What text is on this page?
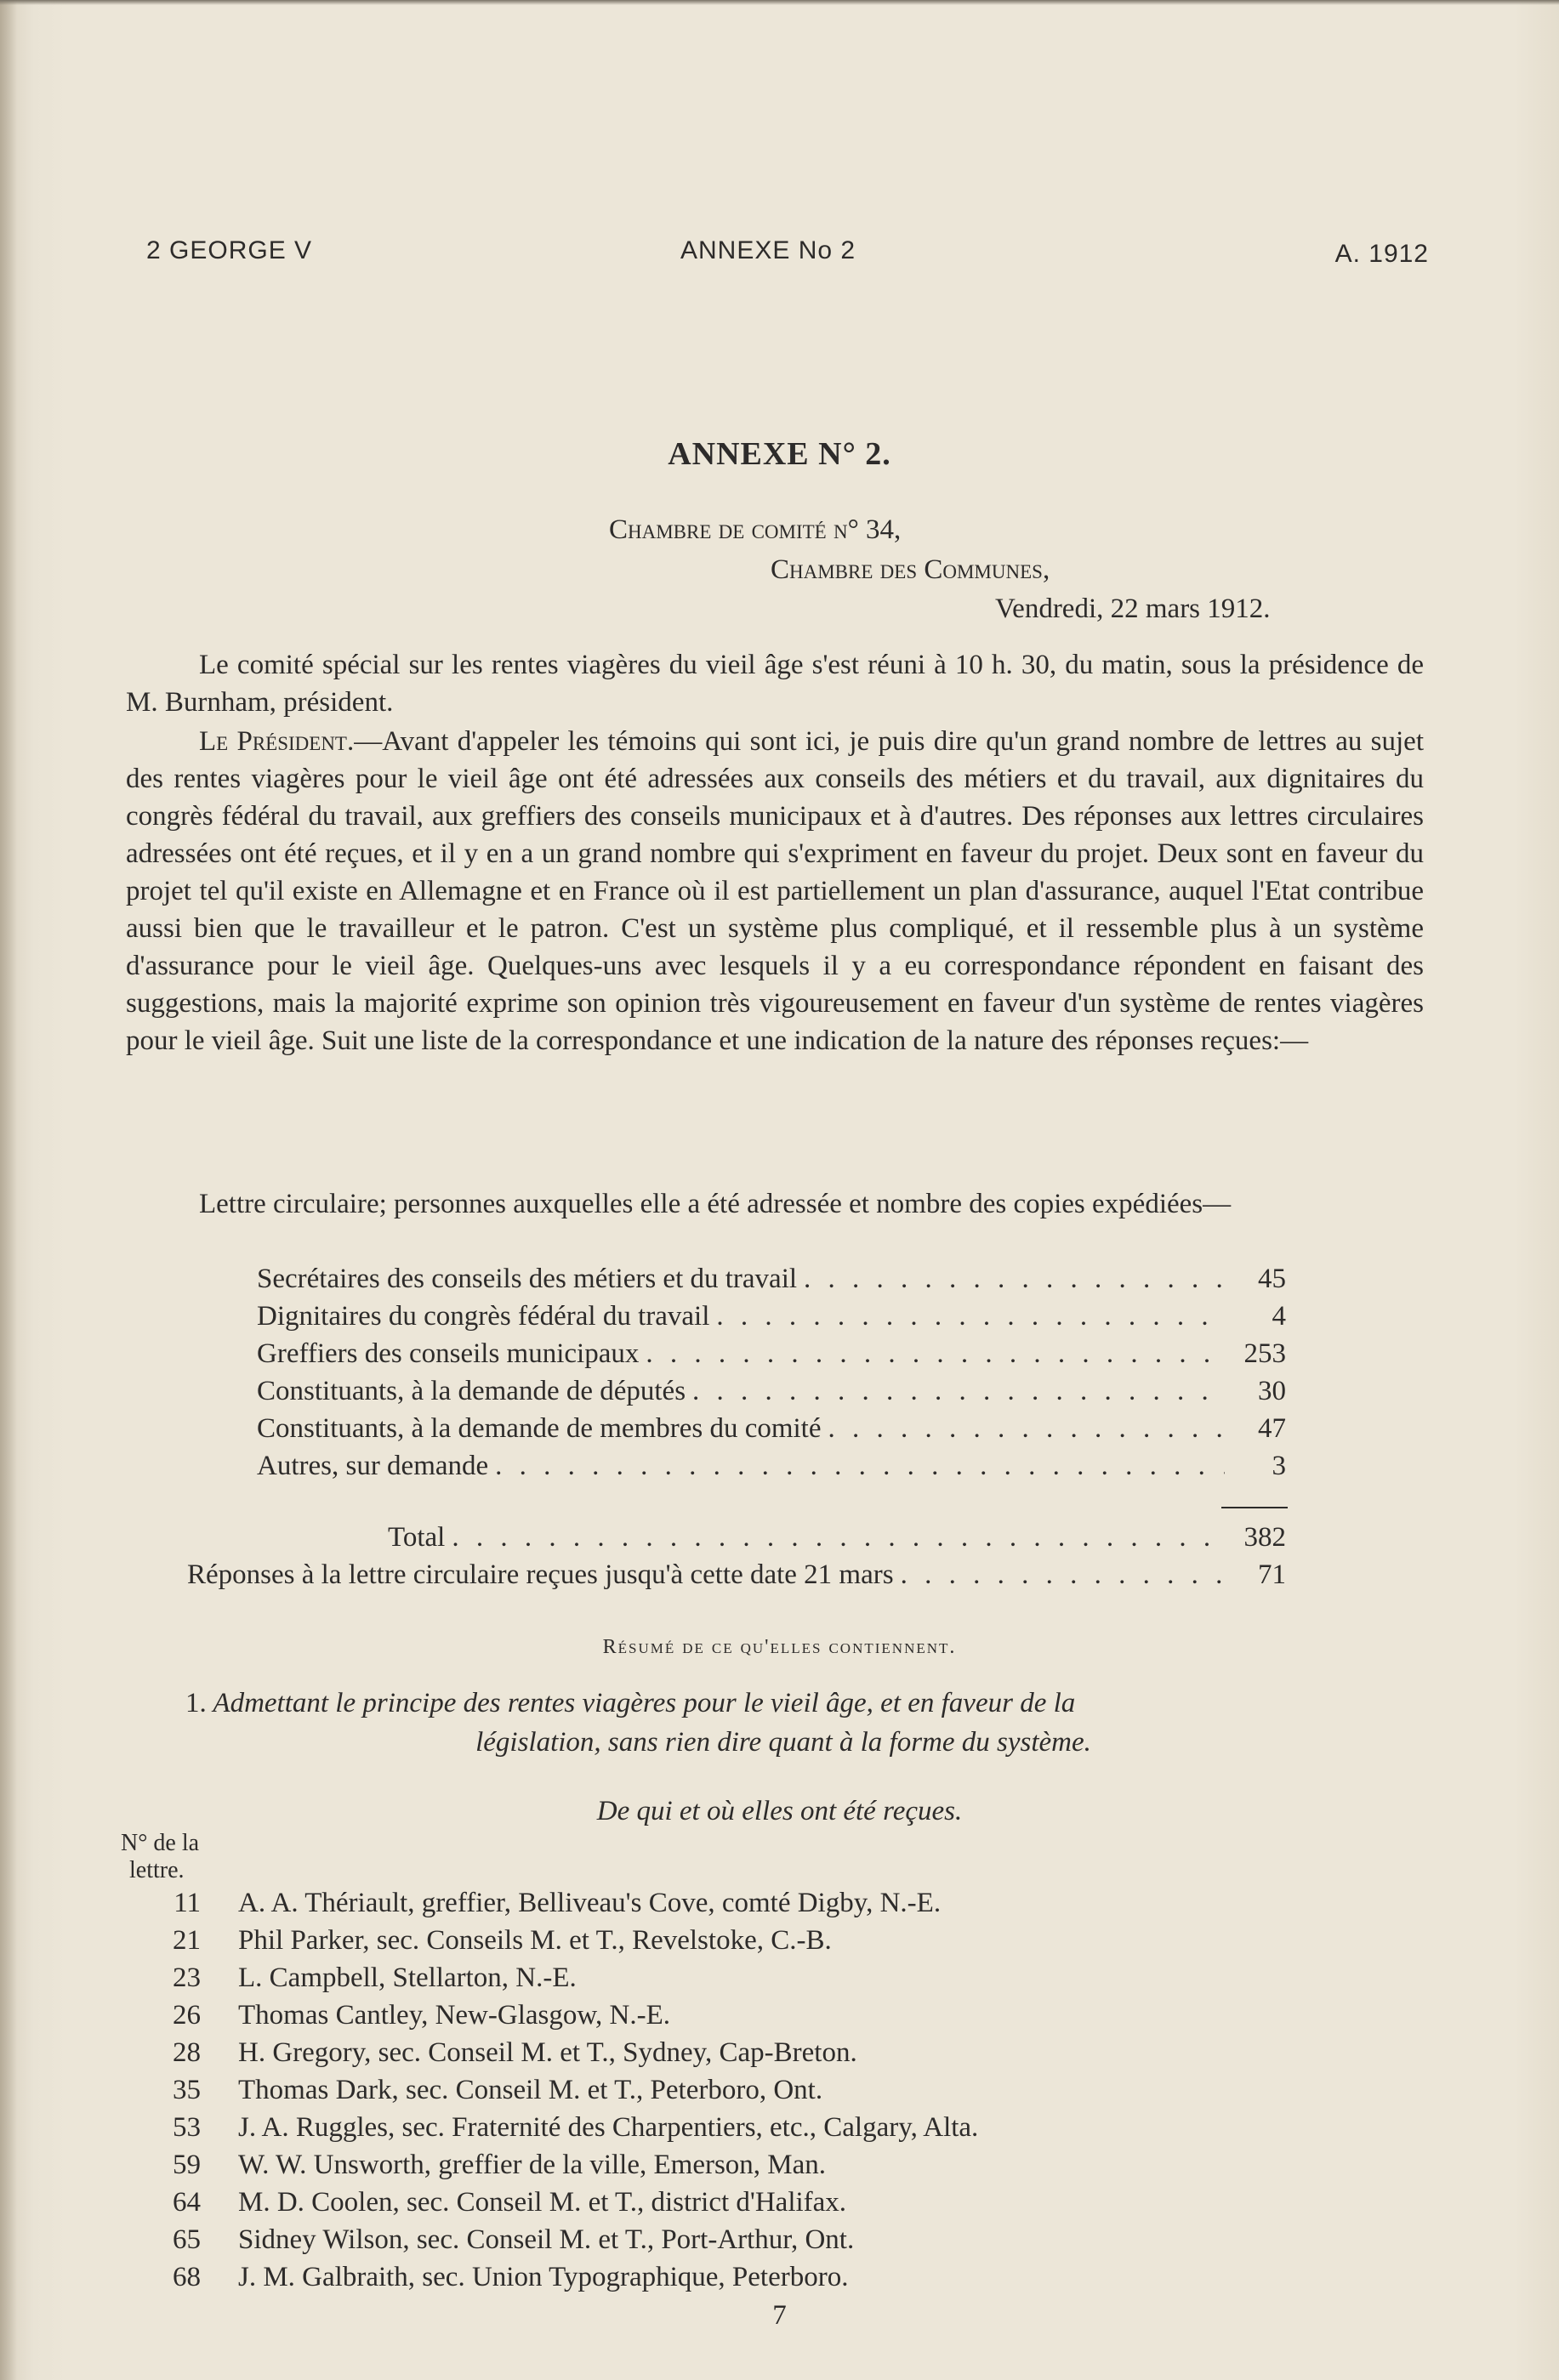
2 GEORGE V	ANNEXE No 2	A. 1912
ANNEXE N° 2.
Chambre de comité n° 34,
Chambre des Communes,
Vendredi, 22 mars 1912.
Le comité spécial sur les rentes viagères du vieil âge s'est réuni à 10 h. 30, du matin, sous la présidence de M. Burnham, président.
Le Président.—Avant d'appeler les témoins qui sont ici, je puis dire qu'un grand nombre de lettres au sujet des rentes viagères pour le vieil âge ont été adressées aux conseils des métiers et du travail, aux dignitaires du congrès fédéral du travail, aux greffiers des conseils municipaux et à d'autres. Des réponses aux lettres circulaires adressées ont été reçues, et il y en a un grand nombre qui s'expriment en faveur du projet. Deux sont en faveur du projet tel qu'il existe en Allemagne et en France où il est partiellement un plan d'assurance, auquel l'Etat contribue aussi bien que le travailleur et le patron. C'est un système plus compliqué, et il ressemble plus à un système d'assurance pour le vieil âge. Quelques-uns avec lesquels il y a eu correspondance répondent en faisant des suggestions, mais la majorité exprime son opinion très vigoureusement en faveur d'un système de rentes viagères pour le vieil âge. Suit une liste de la correspondance et une indication de la nature des réponses reçues:—
Lettre circulaire; personnes auxquelles elle a été adressée et nombre des copies expédiées—
Secrétaires des conseils des métiers et du travail . . .	45
Dignitaires du congrès fédéral du travail . . .	4
Greffiers des conseils municipaux . . .	253
Constituants, à la demande de députés . . .	30
Constituants, à la demande de membres du comité . . .	47
Autres, sur demande . . .	3
Total . . .	382
Réponses à la lettre circulaire reçues jusqu'à cette date 21 mars . . .	71
Résumé de ce qu'elles contiennent.
1. Admettant le principe des rentes viagères pour le vieil âge, et en faveur de la
législation, sans rien dire quant à la forme du système.
De qui et où elles ont été reçues.
N° de la
lettre.
11 A. A. Thériault, greffier, Belliveau's Cove, comté Digby, N.-E.
21 Phil Parker, sec. Conseils M. et T., Revelstoke, C.-B.
23 L. Campbell, Stellarton, N.-E.
26 Thomas Cantley, New-Glasgow, N.-E.
28 H. Gregory, sec. Conseil M. et T., Sydney, Cap-Breton.
35 Thomas Dark, sec. Conseil M. et T., Peterboro, Ont.
53 J. A. Ruggles, sec. Fraternité des Charpentiers, etc., Calgary, Alta.
59 W. W. Unsworth, greffier de la ville, Emerson, Man.
64 M. D. Coolen, sec. Conseil M. et T., district d'Halifax.
65 Sidney Wilson, sec. Conseil M. et T., Port-Arthur, Ont.
68 J. M. Galbraith, sec. Union Typographique, Peterboro.
7
